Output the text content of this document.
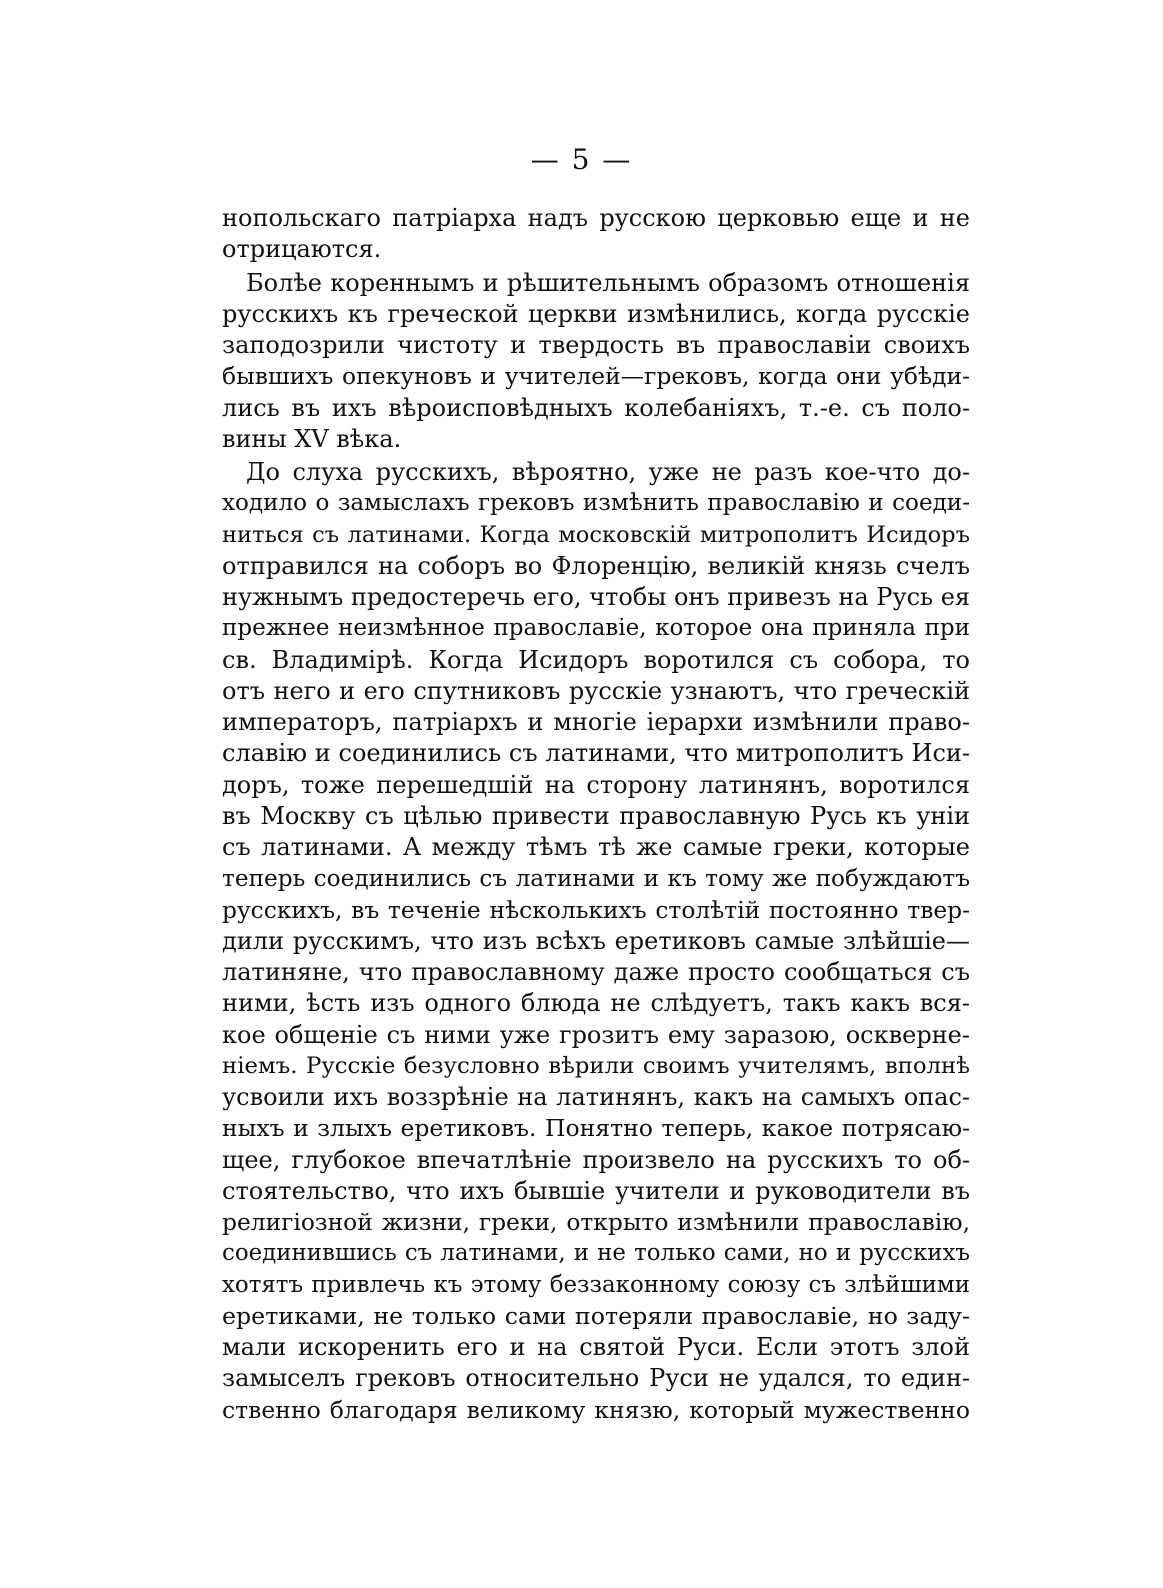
— 5 —
нопольскаго патріарха надъ русскою церковью еще и не
отрицаются.
Болѣе кореннымъ и рѣшительнымъ образомъ отношенія
русскихъ къ греческой церкви измѣнились, когда русскіе
заподозрили чистоту и твердость въ православіи своихъ
бывшихъ опекуновъ и учителей—грековъ, когда они убѣди-
лись въ ихъ вѣроисповѣдныхъ колебаніяхъ, т.-е. съ поло-
вины XV вѣка.
До слуха русскихъ, вѣроятно, уже не разъ кое-что до-
ходило о замыслахъ грековъ измѣнить православію и соеди-
ниться съ латинами. Когда московскій митрополитъ Исидоръ
отправился на соборъ во Флоренцію, великій князь счелъ
нужнымъ предостеречь его, чтобы онъ привезъ на Русь ея
прежнее неизмѣнное православіе, которое она приняла при
св. Владимірѣ. Когда Исидоръ воротился съ собора, то
отъ него и его спутниковъ русскіе узнаютъ, что греческій
императоръ, патріархъ и многіе іерархи измѣнили право-
славію и соединились съ латинами, что митрополитъ Иси-
доръ, тоже перешедшій на сторону латинянъ, воротился
въ Москву съ цѣлью привести православную Русь къ уніи
съ латинами. А между тѣмъ тѣ же самые греки, которые
теперь соединились съ латинами и къ тому же побуждаютъ
русскихъ, въ теченіе нѣсколькихъ столѣтій постоянно твер-
дили русскимъ, что изъ всѣхъ еретиковъ самые злѣйшіе—
латиняне, что православному даже просто сообщаться съ
ними, ѣсть изъ одного блюда не слѣдуетъ, такъ какъ вся-
кое общеніе съ ними уже грозитъ ему заразою, оскверне-
ніемъ. Русскіе безусловно вѣрили своимъ учителямъ, вполнѣ
усвоили ихъ воззрѣніе на латинянъ, какъ на самыхъ опас-
ныхъ и злыхъ еретиковъ. Понятно теперь, какое потрясаю-
щее, глубокое впечатлѣніе произвело на русскихъ то об-
стоятельство, что ихъ бывшіе учители и руководители въ
религіозной жизни, греки, открыто измѣнили православію,
соединившись съ латинами, и не только сами, но и русскихъ
хотятъ привлечь къ этому беззаконному союзу съ злѣйшими
еретиками, не только сами потеряли православіе, но заду-
мали искоренить его и на святой Руси. Если этотъ злой
замыселъ грековъ относительно Руси не удался, то един-
ственно благодаря великому князю, который мужественно
